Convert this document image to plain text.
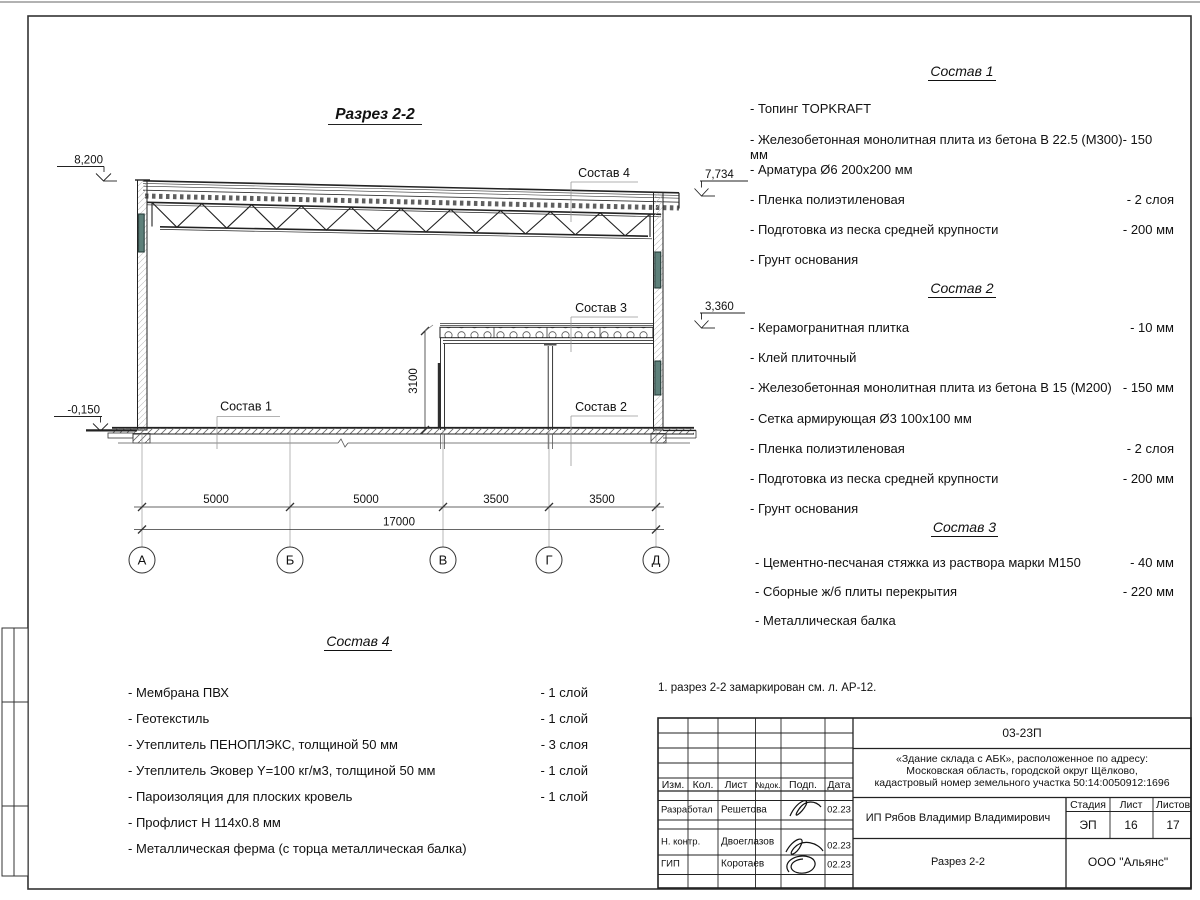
5000	5000	3500	3500
17000
3100
А	Б	В	Г	Д
8,200
7,734
3,360
-0,150
Состав 4
Состав 3
Состав 2
Состав 1
Разрез 2-2
Состав 1
- Топинг TOPKRAFT
- Железобетонная монолитная плита из бетона В 22.5 (М300)- 150 мм
- Арматура Ø6 200x200 мм
- Пленка полиэтиленовая	- 2 слоя
- Подготовка из песка средней крупности	- 200 мм
- Грунт основания
Состав 2
- Керамогранитная плитка	- 10 мм
- Клей плиточный
- Железобетонная монолитная плита из бетона В 15 (М200) - 150 мм
- Сетка армирующая Ø3 100x100 мм
- Пленка полиэтиленовая	- 2 слоя
- Подготовка из песка средней крупности	- 200 мм
- Грунт основания
Состав 3
- Цементно-песчаная стяжка из раствора марки М150	- 40 мм
- Сборные ж/б плиты перекрытия	- 220 мм
- Металлическая балка
Состав 4
- Мембрана ПВХ	- 1 слой
- Геотекстиль	- 1 слой
- Утеплитель ПЕНОПЛЭКС, толщиной 50 мм	- 3 слоя
- Утеплитель Эковер Y=100 кг/м3, толщиной 50 мм	- 1 слой
- Пароизоляция для плоских кровель	- 1 слой
- Профлист Н 114x0.8 мм
- Металлическая ферма (с торца металлическая балка)
1. разрез 2-2 замаркирован см. л. АР-12.
Изм. Кол. Лист №док. Подп. Дата
Разработал Решетова	02.23
Н. контр. Двоеглазов	02.23
ГИП	Коротаев	02.23
03-23П
«Здание склада с АБК», расположенное по адресу:
Московская область, городской округ Щёлково,
кадастровый номер земельного участка 50:14:0050912:1696
ИП Рябов Владимир Владимирович
Стадия Лист Листов
ЭП 16 17
Разрез 2-2	ООО "Альянс"
